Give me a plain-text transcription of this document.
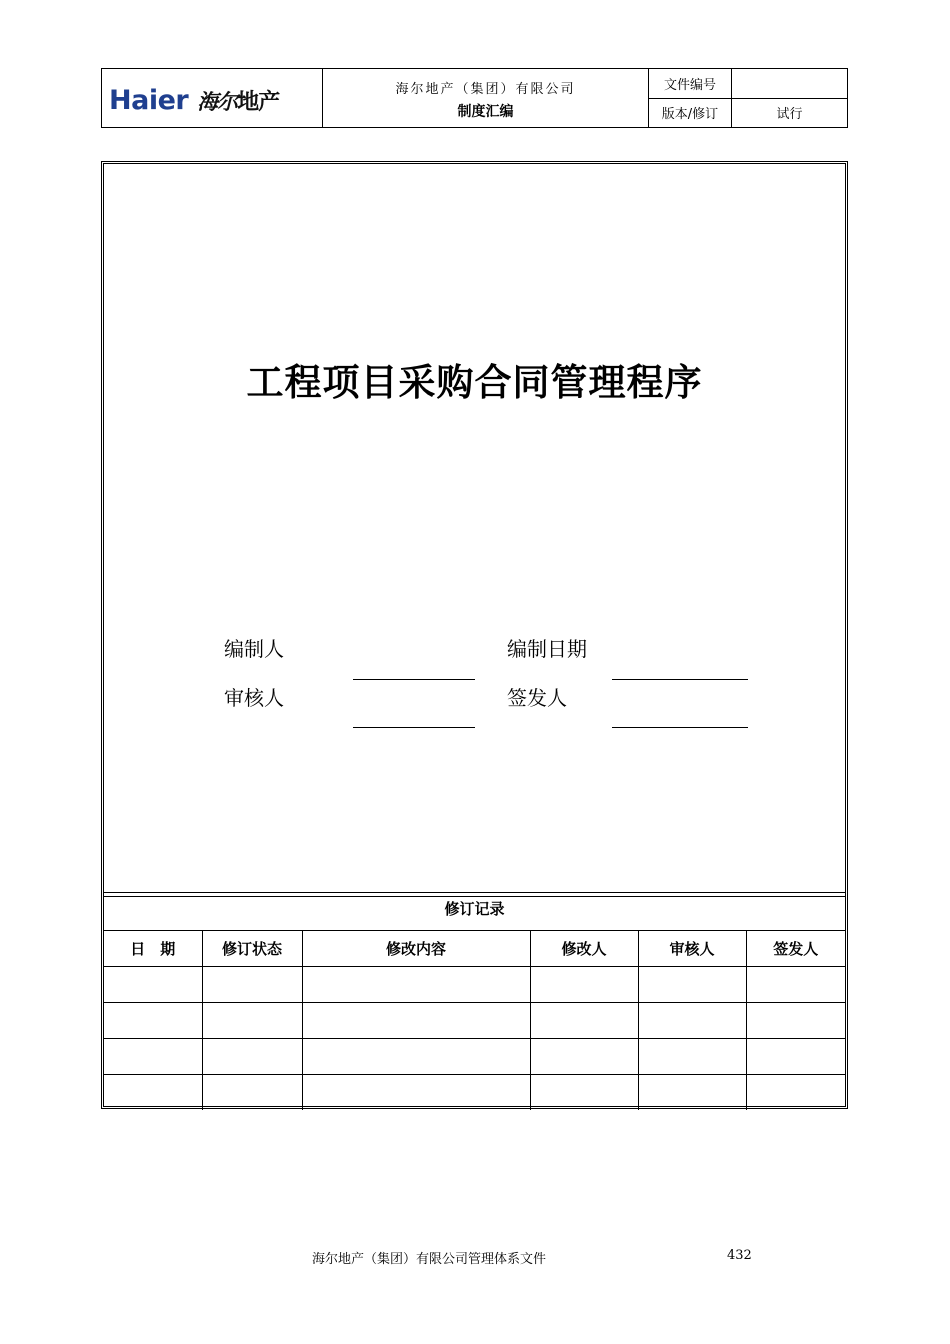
Haier 海尔 地产
海尔地产（集团）有限公司
制度汇编
文件编号
版本/修订	试行
工程项目采购合同管理程序
编制人	编制日期
审核人	签发人
修订记录
日　期	修订状态	修改内容	修改人	审核人	签发人

海尔地产（集团）有限公司管理体系文件	432
